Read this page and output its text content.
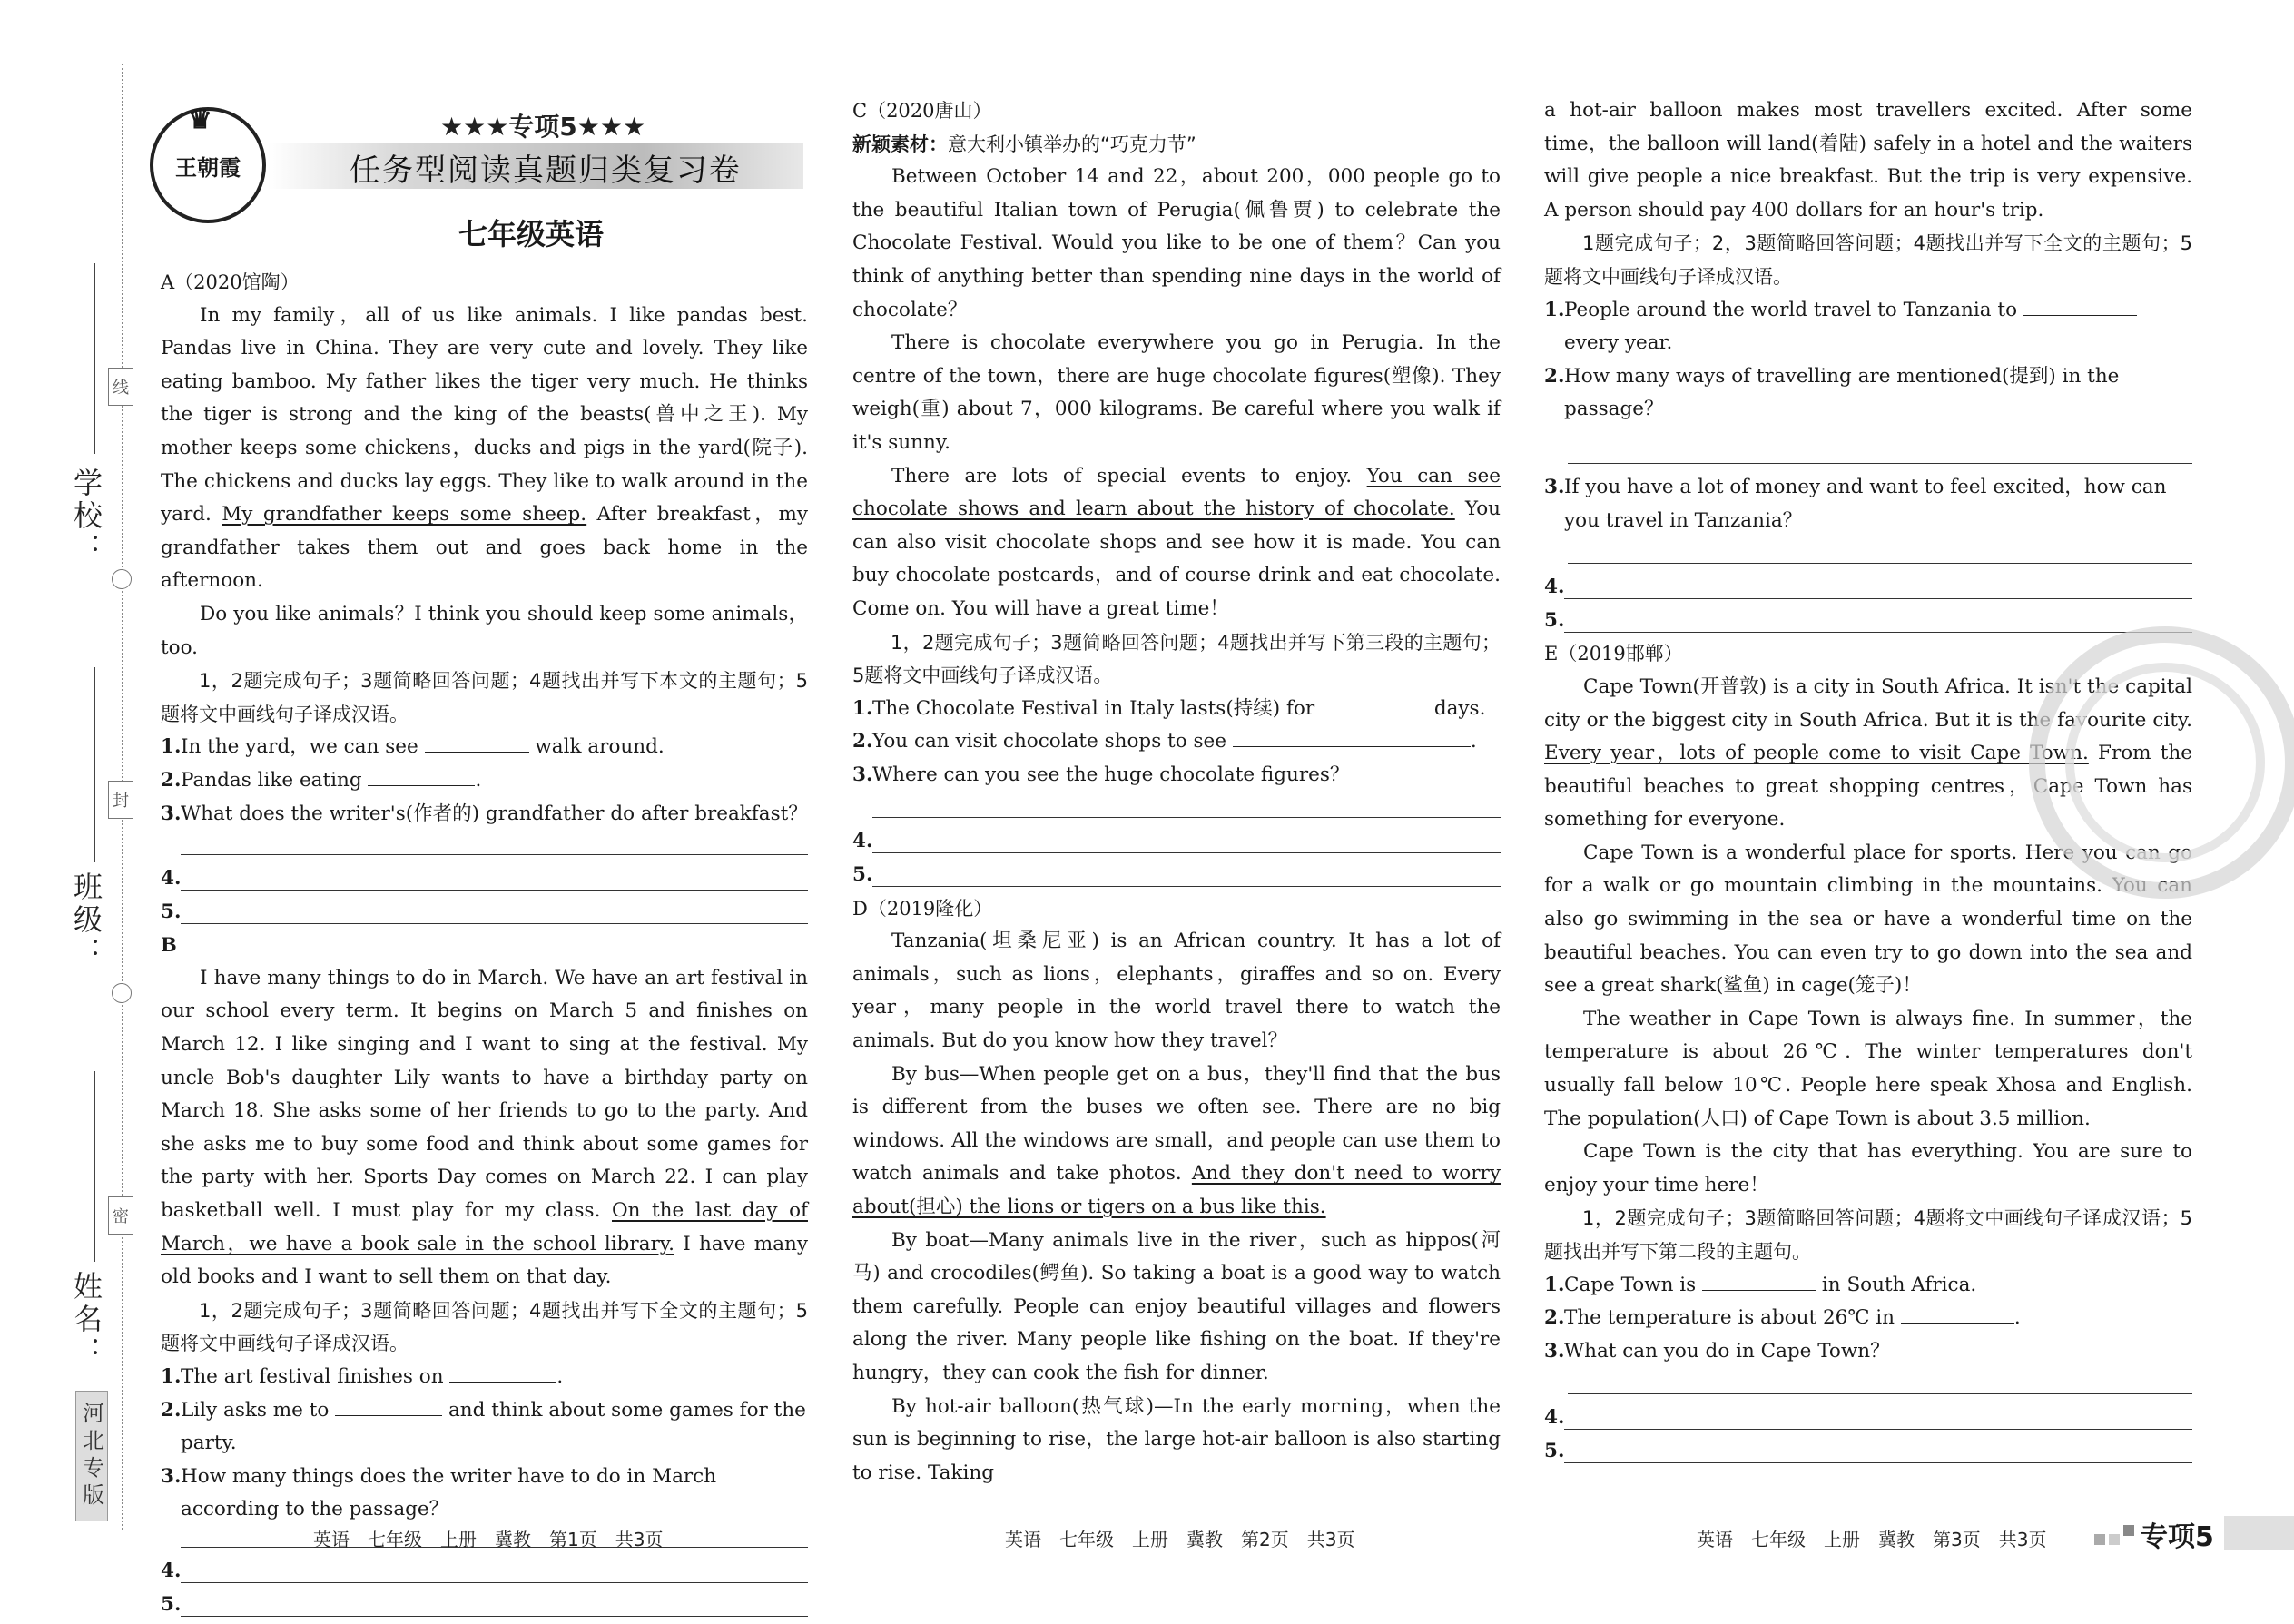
线
封
密
学校：
班级：
姓名：
河北专版
♛
王朝霞
★★★专项5★★★
任务型阅读真题归类复习卷
七年级英语

A（2020馆陶）

In my family，all of us like animals. I like pandas best. Pandas live in China. They are very cute and lovely. They like eating bamboo. My father likes the tiger very much. He thinks the tiger is strong and the king of the beasts(兽中之王). My mother keeps some chickens，ducks and pigs in the yard(院子). The chickens and ducks lay eggs. They like to walk around in the yard. My grandfather keeps some sheep. After breakfast，my grandfather takes them out and goes back home in the afternoon.

Do you like animals？I think you should keep some animals，too.

1，2题完成句子；3题简略回答问题；4题找出并写下本文的主题句；5题将文中画线句子译成汉语。

1. In the yard，we can see	walk around.
2. Pandas like eating	.
3. What does the writer's(作者的) grandfather do after breakfast？
4.
5.

B

I have many things to do in March. We have an art festival in our school every term. It begins on March 5 and finishes on March 12. I like singing and I want to sing at the festival. My uncle Bob's daughter Lily wants to have a birthday party on March 18. She asks some of her friends to go to the party. And she asks me to buy some food and think about some games for the party with her. Sports Day comes on March 22. I can play basketball well. I must play for my class. On the last day of March，we have a book sale in the school library. I have many old books and I want to sell them on that day.

1，2题完成句子；3题简略回答问题；4题找出并写下全文的主题句；5题将文中画线句子译成汉语。

1. The art festival finishes on	.
2. Lily asks me to	and think about some games for the party.
3. How many things does the writer have to do in March according to the passage？
4.
5.

C（2020唐山）

新颖素材：意大利小镇举办的“巧克力节”

Between October 14 and 22，about 200，000 people go to the beautiful Italian town of Perugia(佩鲁贾) to celebrate the Chocolate Festival. Would you like to be one of them？Can you think of anything better than spending nine days in the world of chocolate？

There is chocolate everywhere you go in Perugia. In the centre of the town，there are huge chocolate figures(塑像). They weigh(重) about 7，000 kilograms. Be careful where you walk if it's sunny.

There are lots of special events to enjoy. You can see chocolate shows and learn about the history of chocolate. You can also visit chocolate shops and see how it is made. You can buy chocolate postcards，and of course drink and eat chocolate. Come on. You will have a great time！

1，2题完成句子；3题简略回答问题；4题找出并写下第三段的主题句；5题将文中画线句子译成汉语。

1. The Chocolate Festival in Italy lasts(持续) for	days.
2. You can visit chocolate shops to see	.
3. Where can you see the huge chocolate figures？
4.
5.

D（2019隆化）

Tanzania(坦桑尼亚) is an African country. It has a lot of animals，such as lions，elephants，giraffes and so on. Every year，many people in the world travel there to watch the animals. But do you know how they travel？

By bus—When people get on a bus，they'll find that the bus is different from the buses we often see. There are no big windows. All the windows are small，and people can use them to watch animals and take photos. And they don't need to worry about(担心) the lions or tigers on a bus like this.

By boat—Many animals live in the river，such as hippos(河马) and crocodiles(鳄鱼). So taking a boat is a good way to watch them carefully. People can enjoy beautiful villages and flowers along the river. Many people like fishing on the boat. If they're hungry，they can cook the fish for dinner.

By hot-air balloon(热气球)—In the early morning，when the sun is beginning to rise，the large hot-air balloon is also starting to rise. Taking

a hot-air balloon makes most travellers excited. After some time，the balloon will land(着陆) safely in a hotel and the waiters will give people a nice breakfast. But the trip is very expensive. A person should pay 400 dollars for an hour's trip.

1题完成句子；2，3题简略回答问题；4题找出并写下全文的主题句；5题将文中画线句子译成汉语。

1. People around the world travel to Tanzania to  every year.
2. How many ways of travelling are mentioned(提到) in the passage？
3. If you have a lot of money and want to feel excited，how can you travel in Tanzania？
4.
5.

E（2019邯郸）

Cape Town(开普敦) is a city in South Africa. It isn't the capital city or the biggest city in South Africa. But it is the favourite city. Every year，lots of people come to visit Cape Town. From the beautiful beaches to great shopping centres，Cape Town has something for everyone.

Cape Town is a wonderful place for sports. Here you can go for a walk or go mountain climbing in the mountains. You can also go swimming in the sea or have a wonderful time on the beautiful beaches. You can even try to go down into the sea and see a great shark(鲨鱼) in cage(笼子)！

The weather in Cape Town is always fine. In summer，the temperature is about 26℃. The winter temperatures don't usually fall below 10℃. People here speak Xhosa and English. The population(人口) of Cape Town is about 3.5 million.

Cape Town is the city that has everything. You are sure to enjoy your time here！

1，2题完成句子；3题简略回答问题；4题将文中画线句子译成汉语；5题找出并写下第二段的主题句。

1. Cape Town is	in South Africa.
2. The temperature is about 26℃ in	.
3. What can you do in Cape Town？
4.
5.
英语　七年级　上册　冀教　第1页　共3页	英语　七年级　上册　冀教　第2页　共3页	英语　七年级　上册　冀教　第3页　共3页	专项5
